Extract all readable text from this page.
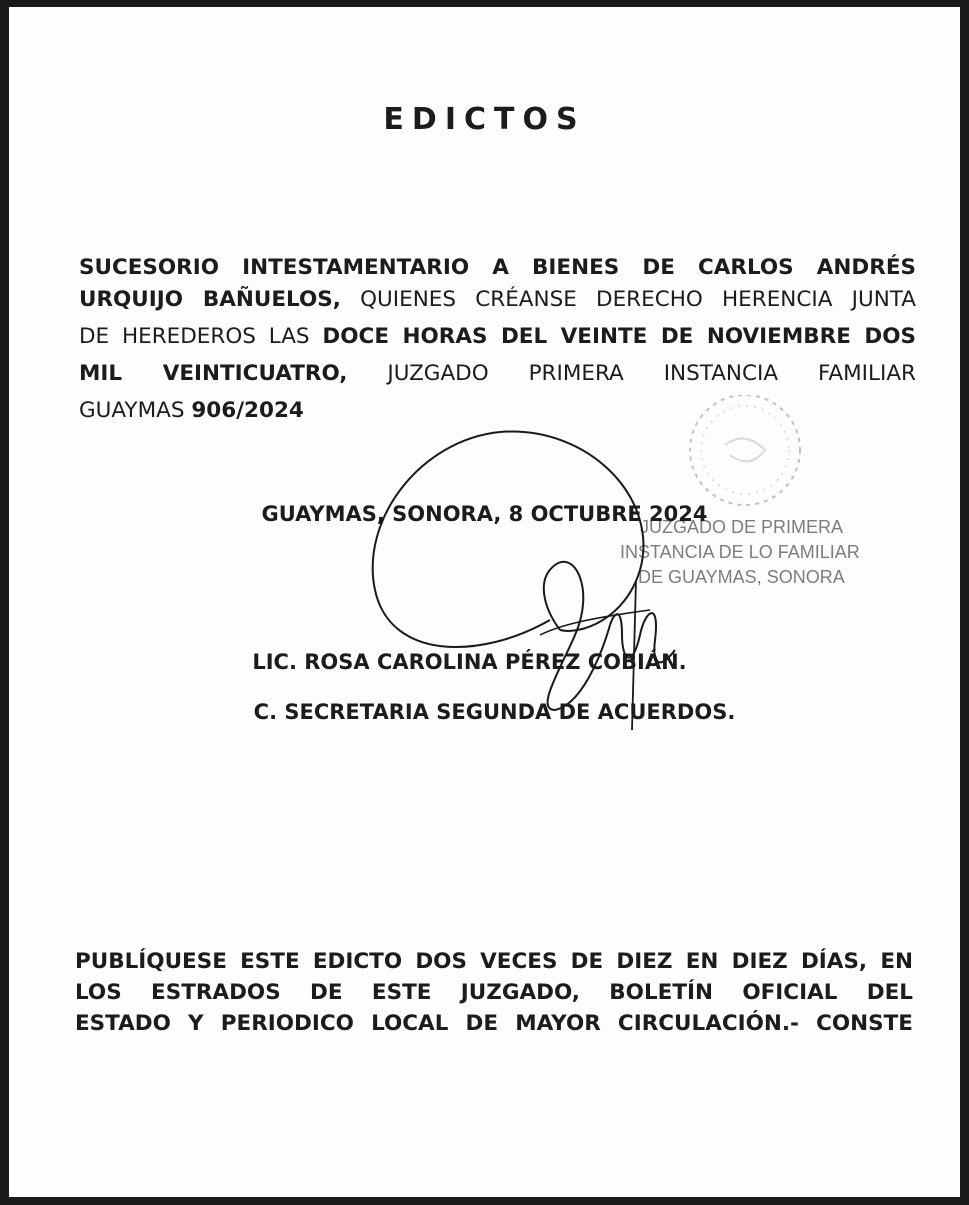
EDICTOS
SUCESORIO INTESTAMENTARIO A BIENES DE CARLOS ANDRÉS
URQUIJO BAÑUELOS, QUIENES CRÉANSE DERECHO HERENCIA JUNTA
DE HEREDEROS LAS DOCE HORAS DEL VEINTE DE NOVIEMBRE DOS
MIL VEINTICUATRO, JUZGADO PRIMERA INSTANCIA FAMILIAR
GUAYMAS 906/2024
JUZGADO DE PRIMERA
INSTANCIA DE LO FAMILIAR
DE GUAYMAS, SONORA
GUAYMAS, SONORA, 8 OCTUBRE 2024
LIC. ROSA CAROLINA PÉREZ COBIÁN.
C. SECRETARIA SEGUNDA DE ACUERDOS.
PUBLÍQUESE ESTE EDICTO DOS VECES DE DIEZ EN DIEZ DÍAS, EN
LOS ESTRADOS DE ESTE JUZGADO, BOLETÍN OFICIAL DEL
ESTADO Y PERIODICO LOCAL DE MAYOR CIRCULACIÓN.- CONSTE
